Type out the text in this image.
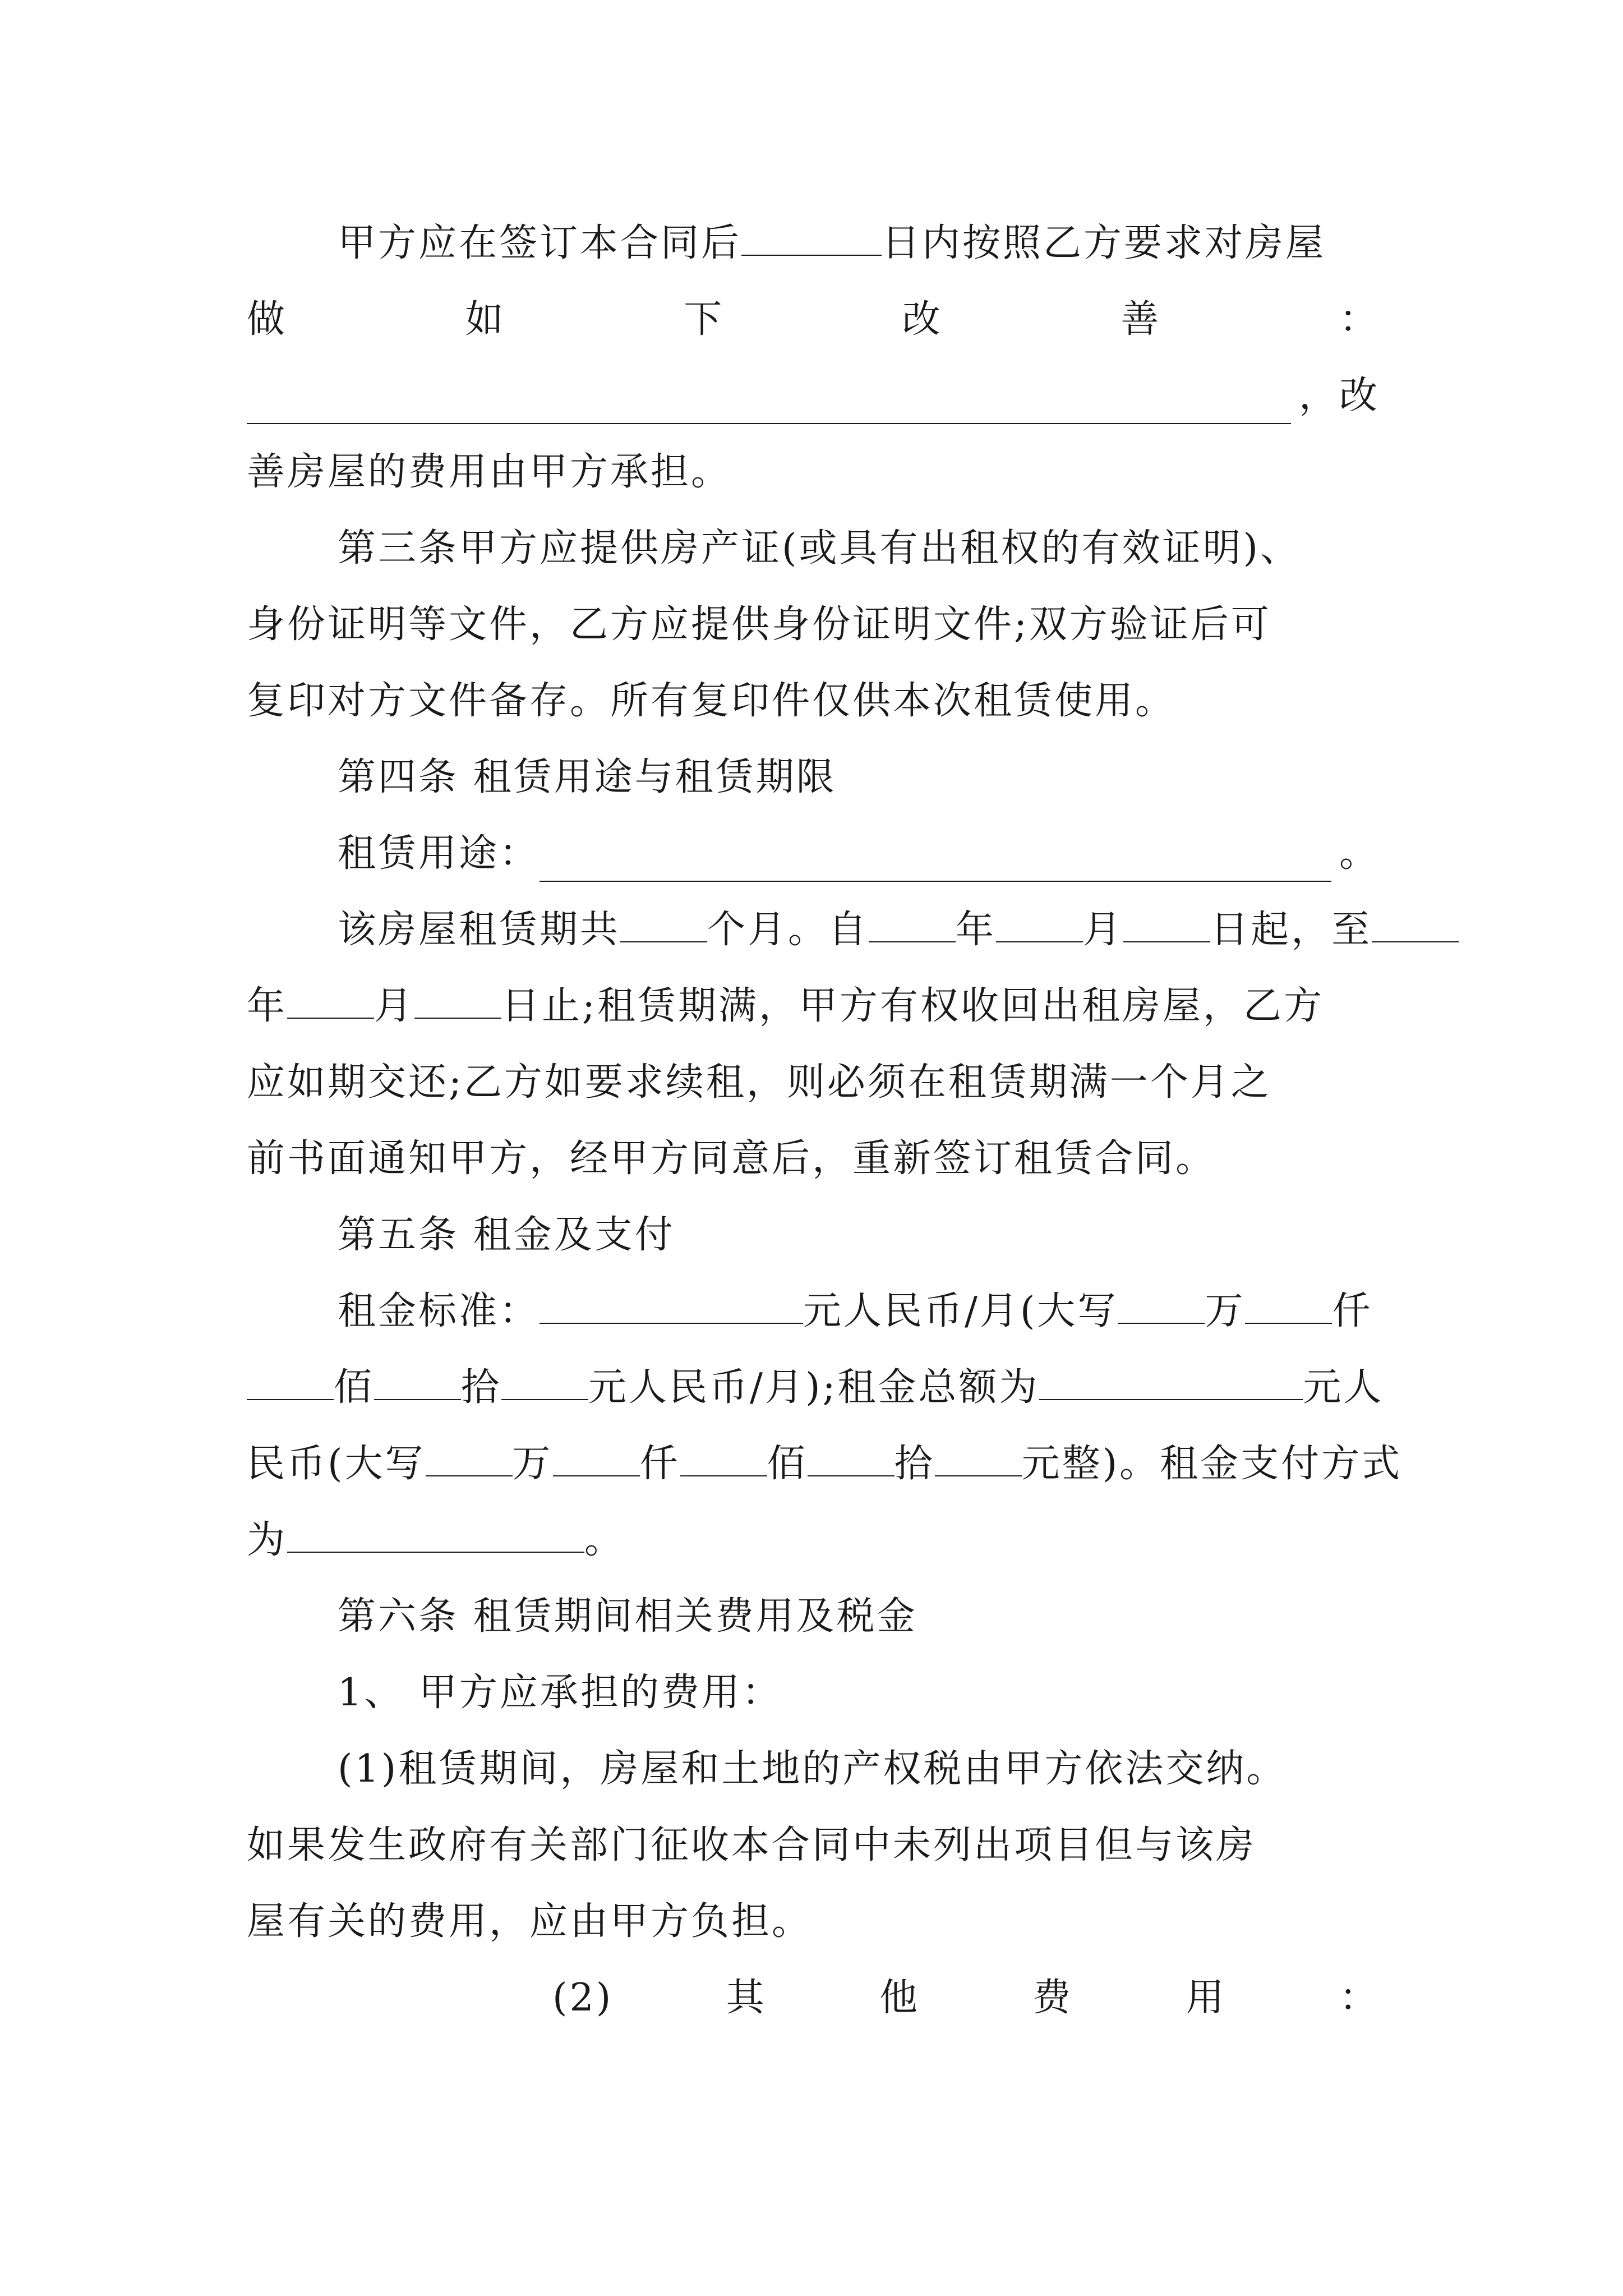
甲方应在签订本合同后	日内按照乙方要求对房屋
做	如	下	改	善	：
，改
善房屋的费用由甲方承担。
第三条甲方应提供房产证(或具有出租权的有效证明)、
身份证明等文件，乙方应提供身份证明文件;双方验证后可
复印对方文件备存。所有复印件仅供本次租赁使用。
第四条 租赁用途与租赁期限
租赁用途：	。
该房屋租赁期共 个月。自 年 月 日起，至
年 月 日止;租赁期满，甲方有权收回出租房屋，乙方
应如期交还;乙方如要求续租，则必须在租赁期满一个月之
前书面通知甲方，经甲方同意后，重新签订租赁合同。
第五条 租金及支付
租金标准：	元人民币/月(大写 万 仟
佰 拾 元人民币/月);租金总额为	元人
民币(大写 万 仟 佰 拾 元整)。租金支付方式
为	。
第六条 租赁期间相关费用及税金
1、 甲方应承担的费用：
(1)租赁期间，房屋和土地的产权税由甲方依法交纳。
如果发生政府有关部门征收本合同中未列出项目但与该房
屋有关的费用，应由甲方负担。
(2)	其	他	费	用	：
